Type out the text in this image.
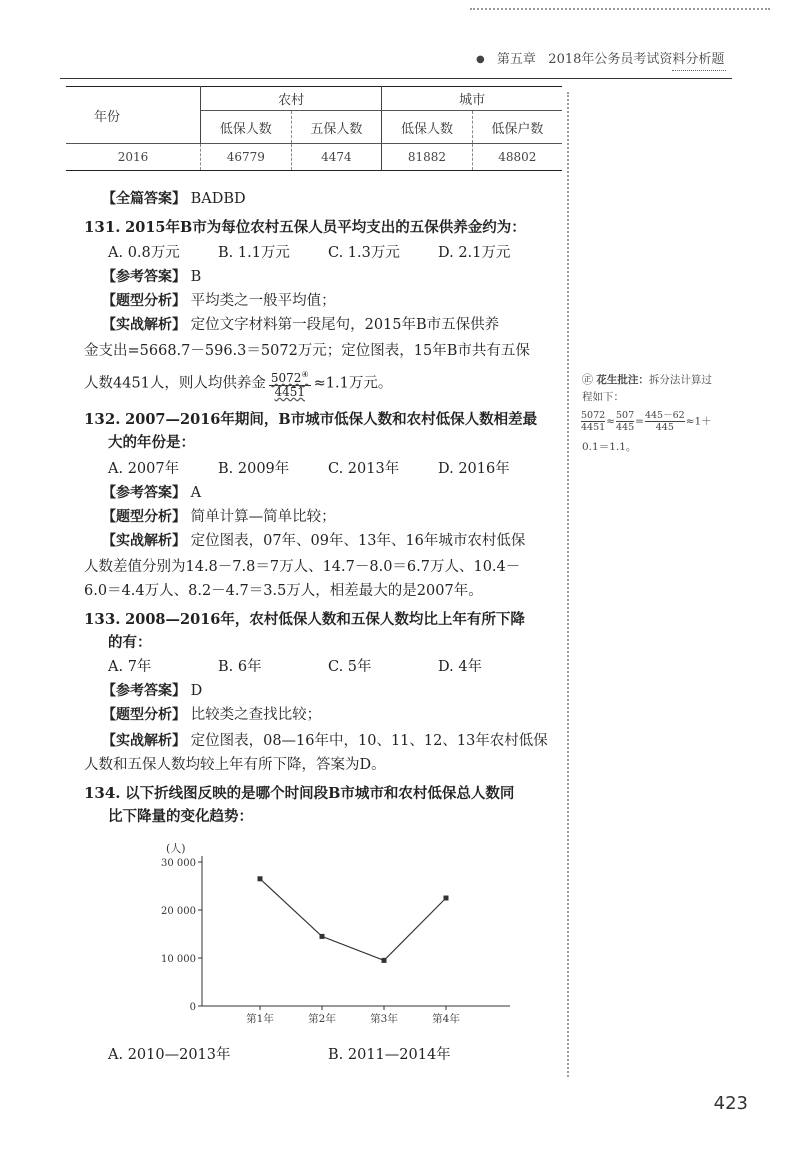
● 第五章 2018年公务员考试资料分析题
年份	农村		城市	
	低保人数	五保人数	低保人数	低保户数
2016	46779	4474	81882	48802
【全篇答案】 BADBD
131. 2015年B市为每位农村五保人员平均支出的五保供养金约为：
A. 0.8万元	B. 1.1万元	C. 1.3万元	D. 2.1万元
【参考答案】 B
【题型分析】 平均类之一般平均值；
【实战解析】 定位文字材料第一段尾句，2015年B市五保供养
金支出=5668.7－596.3＝5072万元；定位图表，15年B市共有五保
人数4451人，则人均供养金 $\frac{5072^④}{4451} \approx 1.1$万元。
132. 2007—2016年期间，B市城市低保人数和农村低保人数相差最
大的年份是：
A. 2007年	B. 2009年	C. 2013年	D. 2016年
【参考答案】 A
【题型分析】 简单计算—简单比较；
【实战解析】 定位图表，07年、09年、13年、16年城市农村低保
人数差值分别为14.8－7.8＝7万人、14.7－8.0＝6.7万人、10.4－
6.0＝4.4万人、8.2－4.7＝3.5万人，相差最大的是2007年。
133. 2008—2016年，农村低保人数和五保人数均比上年有所下降
的有：
A. 7年	B. 6年	C. 5年	D. 4年
【参考答案】 D
【题型分析】 比较类之查找比较；
【实战解析】 定位图表，08—16年中，10、11、12、13年农村低保
人数和五保人数均较上年有所下降，答案为D。
134. 以下折线图反映的是哪个时间段B市城市和农村低保总人数同
比下降量的变化趋势：
(人)
0
10 000
20 000
30 000
第1年	第2年	第3年	第4年
A. 2010—2013年	B. 2011—2014年
㊣ 花生批注：拆分法计算过
程如下：
$\frac{5072}{4451}\approx \frac{507}{445}= \frac{445-62}{445}\approx 1+$
0.1＝1.1。
423
